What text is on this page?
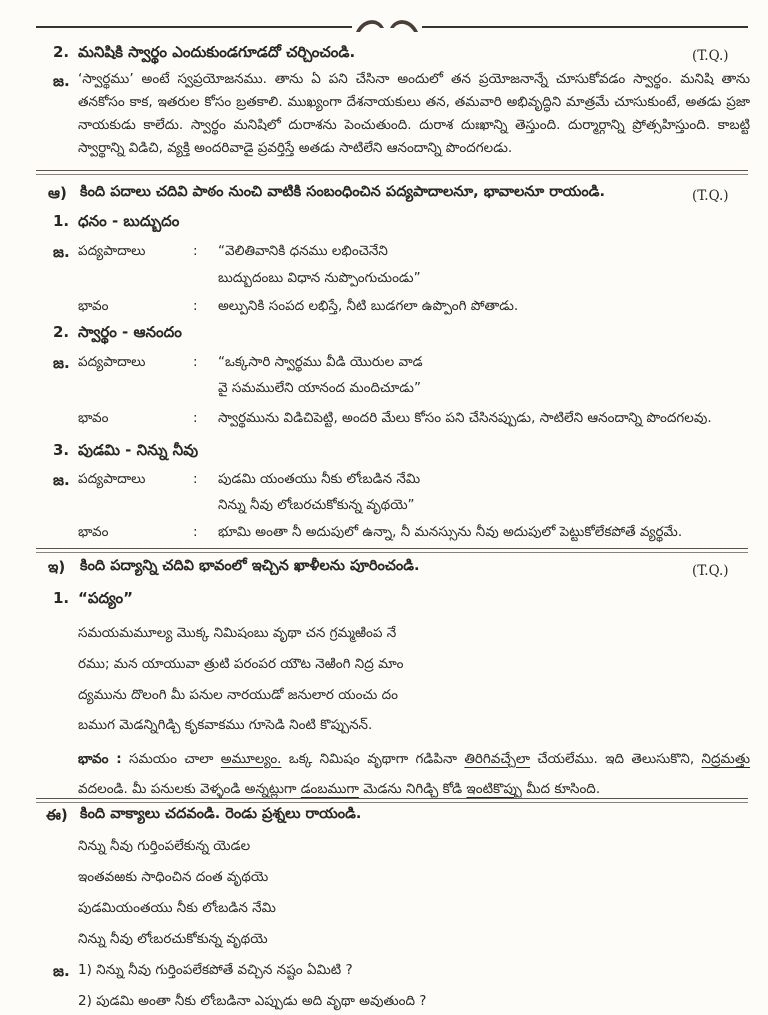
2. మనిషికి స్వార్థం ఎందుకుండగూడదో చర్చించండి.	(T.Q.)
జ. ‘స్వార్థము’ అంటే స్వప్రయోజనము. తాను ఏ పని చేసినా అందులో తన ప్రయోజనాన్నే చూసుకోవడం స్వార్థం. మనిషి తాను తనకోసం కాక, ఇతరుల కోసం బ్రతకాలి. ముఖ్యంగా దేశనాయకులు తన, తమవారి అభివృద్ధిని మాత్రమే చూసుకుంటే, అతడు ప్రజా నాయకుడు కాలేదు. స్వార్థం మనిషిలో దురాశను పెంచుతుంది. దురాశ దుఃఖాన్ని తెస్తుంది. దుర్మార్గాన్ని ప్రోత్సహిస్తుంది. కాబట్టి స్వార్థాన్ని విడిచి, వ్యక్తి అందరివాడై ప్రవర్తిస్తే అతడు సాటిలేని ఆనందాన్ని పొందగలడు.
ఆ) కింది పదాలు చదివి పాఠం నుంచి వాటికి సంబంధించిన పద్యపాదాలనూ, భావాలనూ రాయండి.	(T.Q.)
1. ధనం - బుద్బుదం
జ. పద్యపాదాలు	: “వెలితివానికి ధనము లభించెనేని
బుద్బుదంబు విధాన నుప్పొంగుచుండు”
భావం	: అల్పునికి సంపద లభిస్తే, నీటి బుడగలా ఉప్పొంగి పోతాడు.
2. స్వార్థం - ఆనందం
జ. పద్యపాదాలు	: “ఒక్కసారి స్వార్థము వీడి యొరుల వాడ
వై సమములేని యానంద మందిచూడు”
భావం	: స్వార్థమును విడిచిపెట్టి, అందరి మేలు కోసం పని చేసినప్పుడు, సాటిలేని ఆనందాన్ని పొందగలవు.
3. పుడమి - నిన్ను నీవు
జ. పద్యపాదాలు	: పుడమి యంతయు నీకు లోఁబడిన నేమి
నిన్ను నీవు లోఁబరచుకోకున్న వృథయె”
భావం	: భూమి అంతా నీ అదుపులో ఉన్నా, నీ మనస్సును నీవు అదుపులో పెట్టుకోలేకపోతే వ్యర్థమే.
ఇ) కింది పద్యాన్ని చదివి భావంలో ఇచ్చిన ఖాళీలను పూరించండి.	(T.Q.)
1. “పద్యం”
సమయమమూల్య మొక్క నిమిషంబు వృథా చన గ్రమ్మఱింప నే
రము; మన యాయువా త్రుటి పరంపర యౌట నెఱింగి నిద్ర మాం
ద్యమును దొలంగి మీ పనుల నారయుడో జనులార యంచు దం
బముగ మెడన్నిగిడ్చి కృకవాకము గూసెడి నింటి కొప్పునన్.
భావం : సమయం చాలా అమూల్యం. ఒక్క నిమిషం వృథాగా గడిపినా తిరిగివచ్చేలా చేయలేము. ఇది తెలుసుకొని, నిద్రమత్తు వదలండి. మీ పనులకు వెళ్ళండి అన్నట్లుగా డంబముగా మెడను నిగిడ్చి కోడి ఇంటికొప్పు మీద కూసింది.
ఈ) కింది వాక్యాలు చదవండి. రెండు ప్రశ్నలు రాయండి.
నిన్ను నీవు గుర్తింపలేకున్న యెడల
ఇంతవఱకు సాధించిన దంత వృథయె
పుడమియంతయు నీకు లోఁబడిన నేమి
నిన్ను నీవు లోఁబరచుకోకున్న వృథయె
జ. 1) నిన్ను నీవు గుర్తింపలేకపోతే వచ్చిన నష్టం ఏమిటి ?
2) పుడమి అంతా నీకు లోఁబడినా ఎప్పుడు అది వృథా అవుతుంది ?
